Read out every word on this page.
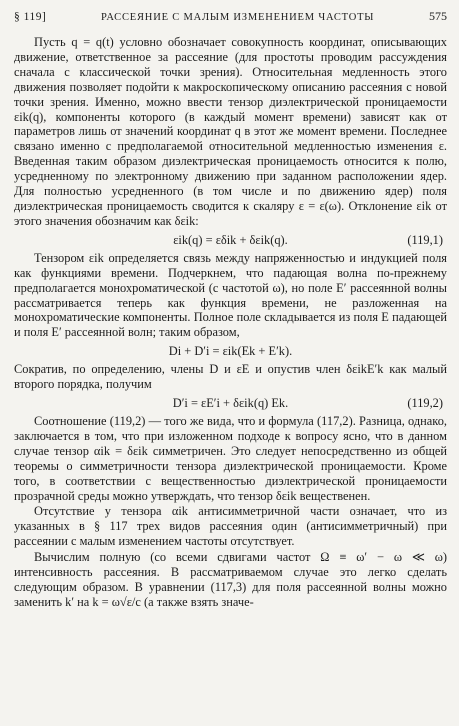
§ 119]	РАССЕЯНИЕ С МАЛЫМ ИЗМЕНЕНИЕМ ЧАСТОТЫ	575

Пусть q = q(t) условно обозначает совокупность координат, описывающих движение, ответственное за рассеяние (для простоты проводим рассуждения сначала с классической точки зрения). Относительная медленность этого движения позволяет подойти к макроскопическому описанию рассеяния с новой точки зрения. Именно, можно ввести тензор диэлектрической проницаемости εik(q), компоненты которого (в каждый момент времени) зависят как от параметров лишь от значений координат q в этот же момент времени. Последнее связано именно с предполагаемой относительной медленностью изменения ε. Введенная таким образом диэлектрическая проницаемость относится к полю, усредненному по электронному движению при заданном расположении ядер. Для полностью усредненного (в том числе и по движению ядер) поля диэлектрическая проницаемость сводится к скаляру ε = ε(ω). Отклонение εik от этого значения обозначим как δεik:

εik(q) = εδik + δεik(q).	(119,1)

Тензором εik определяется связь между напряженностью и индукцией поля как функциями времени. Подчеркнем, что падающая волна по-прежнему предполагается монохроматической (с частотой ω), но поле E′ рассеянной волны рассматривается теперь как функция времени, не разложенная на монохроматические компоненты. Полное поле складывается из поля E падающей и поля E′ рассеянной волн; таким образом,

Di + D′i = εik(Ek + E′k).

Сократив, по определению, члены D и εE и опустив член δεikE′k как малый второго порядка, получим

D′i = εE′i + δεik(q) Ek.	(119,2)

Соотношение (119,2) — того же вида, что и формула (117,2). Разница, однако, заключается в том, что при изложенном подходе к вопросу ясно, что в данном случае тензор αik = δεik симметричен. Это следует непосредственно из общей теоремы о симметричности тензора диэлектрической проницаемости. Кроме того, в соответствии с вещественностью диэлектрической проницаемости прозрачной среды можно утверждать, что тензор δεik вещественен.

Отсутствие у тензора αik антисимметричной части означает, что из указанных в § 117 трех видов рассеяния один (антисимметричный) при рассеянии с малым изменением частоты отсутствует.

Вычислим полную (со всеми сдвигами частот Ω ≡ ω′ − ω ≪ ω) интенсивность рассеяния. В рассматриваемом случае это легко сделать следующим образом. В уравнении (117,3) для поля рассеянной волны можно заменить k′ на k = ω√ε/c (а также взять значе-
